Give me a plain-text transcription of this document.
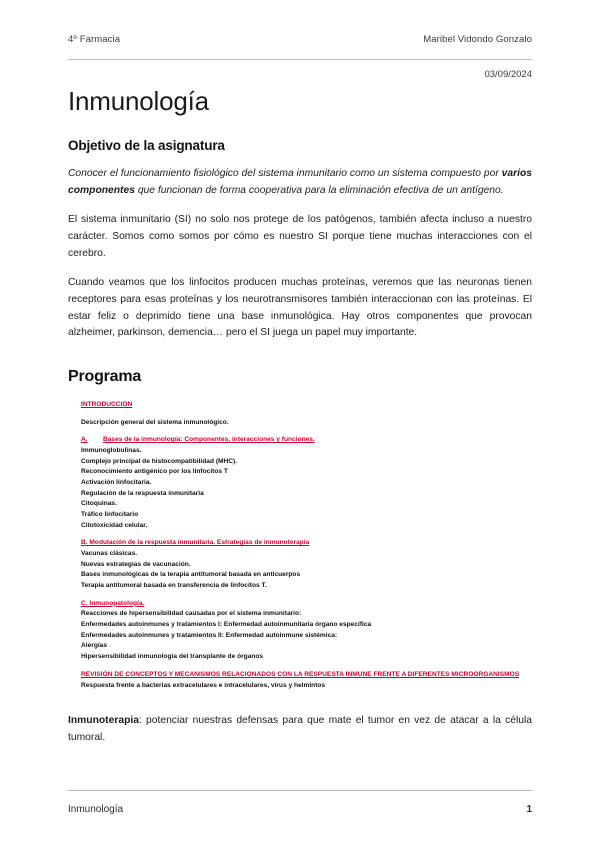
4º Farmacia	Maribel Vidondo Gonzalo
03/09/2024
Inmunología
Objetivo de la asignatura

Conocer el funcionamiento fisiológico del sistema inmunitario como un sistema compuesto por varios componentes que funcionan de forma cooperativa para la eliminación efectiva de un antígeno.

El sistema inmunitario (SI) no solo nos protege de los patógenos, también afecta incluso a nuestro carácter. Somos como somos por cómo es nuestro SI porque tiene muchas interacciones con el cerebro.

Cuando veamos que los linfocitos producen muchas proteínas, veremos que las neuronas tienen receptores para esas proteínas y los neurotransmisores también interaccionan con las proteínas. El estar feliz o deprimido tiene una base inmunológica. Hay otros componentes que provocan alzheimer, parkinson, demencia… pero el SI juega un papel muy importante.

Programa

INTRODUCCION

Descripción general del sistema inmunológico.

A. Bases de la inmunología: Componentes, interacciones y funciones.

Immunoglobulinas.

Complejo principal de histocompatibilidad (MHC).

Reconocimiento antigénico por los linfocitos T

Activación linfocitaria.

Regulación de la respuesta inmunitaria

Citoquinas.

Tráfico linfocitario

Citotoxicidad celular.

B. Modulación de la respuesta inmunitaria. Estrategias de inmunoterapia

Vacunas clásicas.

Nuevas estrategias de vacunación.

Bases inmunológicas de la terapia antitumoral basada en anticuerpos

Terapia antitumoral basada en transferencia de linfocitos T.

C. Inmunopatología.

Reacciones de hipersensibilidad causadas por el sistema inmunitario:

Enfermedades autoinmunes y tratamientos I: Enfermedad autoinmunitaria órgano específica

Enfermedades autoinmunes y tratamientos II: Enfermedad autoinmune sistémica:

Alergias

Hipersensibilidad inmunología del transplante de órganos

REVISIÓN DE CONCEPTOS Y MECANISMOS RELACIONADOS CON LA RESPUESTA INMUNE FRENTE A DIFERENTES MICROORGANISMOS

Respuesta frente a bacterias extracelulares e intracelulares, virus y helmintos

Inmunoterapia: potenciar nuestras defensas para que mate el tumor en vez de atacar a la célula tumoral.

Inmunología	1
